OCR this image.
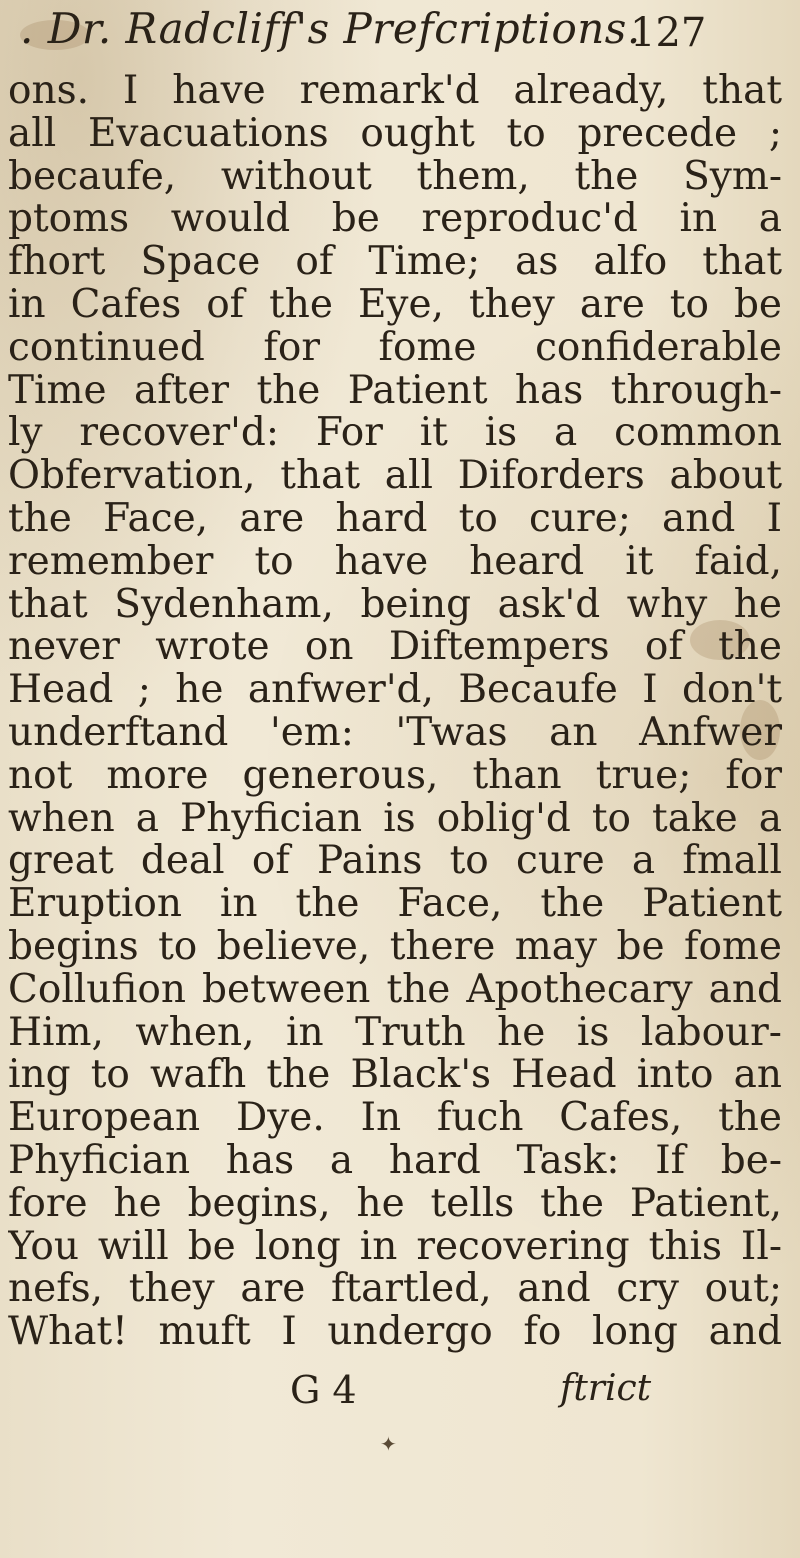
. Dr. Radcliff's Prefcriptions.
127
ons. I have remark'd already, that
all Evacuations ought to precede ;
becaufe, without them, the Sym-
ptoms would be reproduc'd in a
fhort Space of Time; as alfo that
in Cafes of the Eye, they are to be
continued for fome confiderable
Time after the Patient has through-
ly recover'd: For it is a common
Obfervation, that all Diforders about
the Face, are hard to cure; and I
remember to have heard it faid,
that Sydenham, being ask'd why he
never wrote on Diftempers of the
Head ; he anfwer'd, Becaufe I don't
underftand 'em: 'Twas an Anfwer
not more generous, than true; for
when a Phyfician is oblig'd to take a
great deal of Pains to cure a fmall
Eruption in the Face, the Patient
begins to believe, there may be fome
Collufion between the Apothecary and
Him, when, in Truth he is labour-
ing to wafh the Black's Head into an
European Dye. In fuch Cafes, the
Phyfician has a hard Task: If be-
fore he begins, he tells the Patient,
You will be long in recovering this Il-
nefs, they are ftartled, and cry out;
What! muft I undergo fo long and
G 4	ftrict
✦
